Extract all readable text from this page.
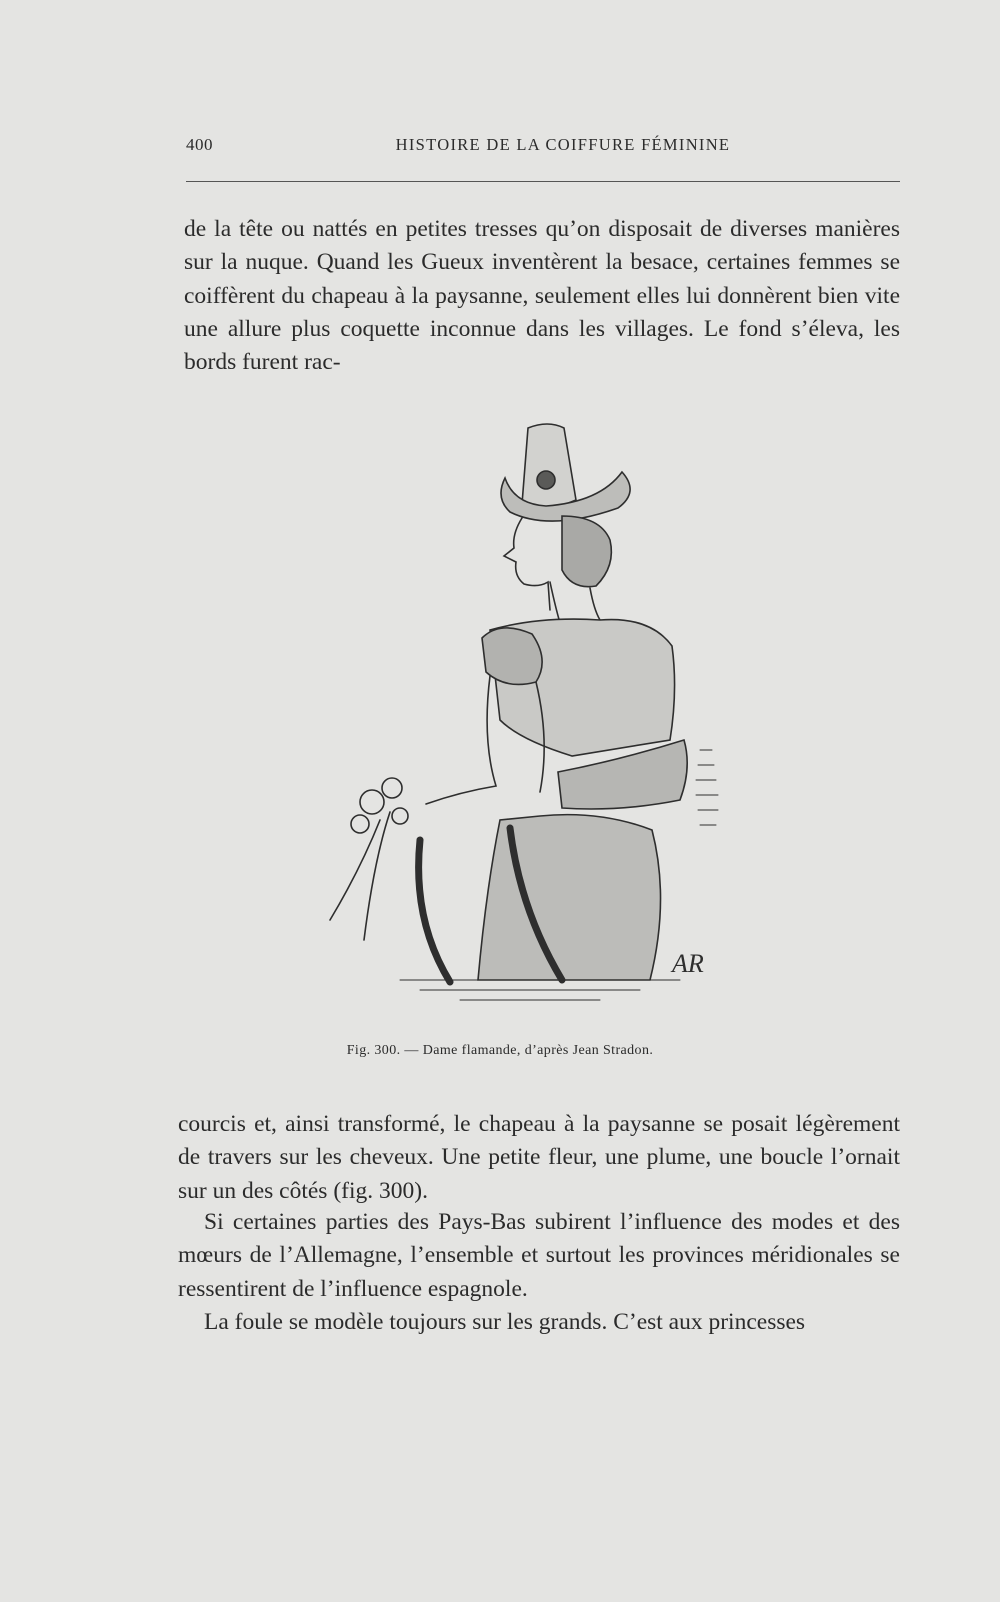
400	HISTOIRE DE LA COIFFURE FÉMININE

de la tête ou nattés en petites tresses qu’on disposait de diverses manières sur la nuque. Quand les Gueux inventèrent la besace, certaines femmes se coiffèrent du chapeau à la paysanne, seulement elles lui donnèrent bien vite une allure plus coquette inconnue dans les villages. Le fond s’éleva, les bords furent rac-

AR
Fig. 300. — Dame flamande, d’après Jean Stradon.

courcis et, ainsi transformé, le chapeau à la paysanne se posait légèrement de travers sur les cheveux. Une petite fleur, une plume, une boucle l’ornait sur un des côtés (fig. 300).

Si certaines parties des Pays-Bas subirent l’influence des modes et des mœurs de l’Allemagne, l’ensemble et surtout les provinces méridionales se ressentirent de l’influence espagnole.

La foule se modèle toujours sur les grands. C’est aux princesses
